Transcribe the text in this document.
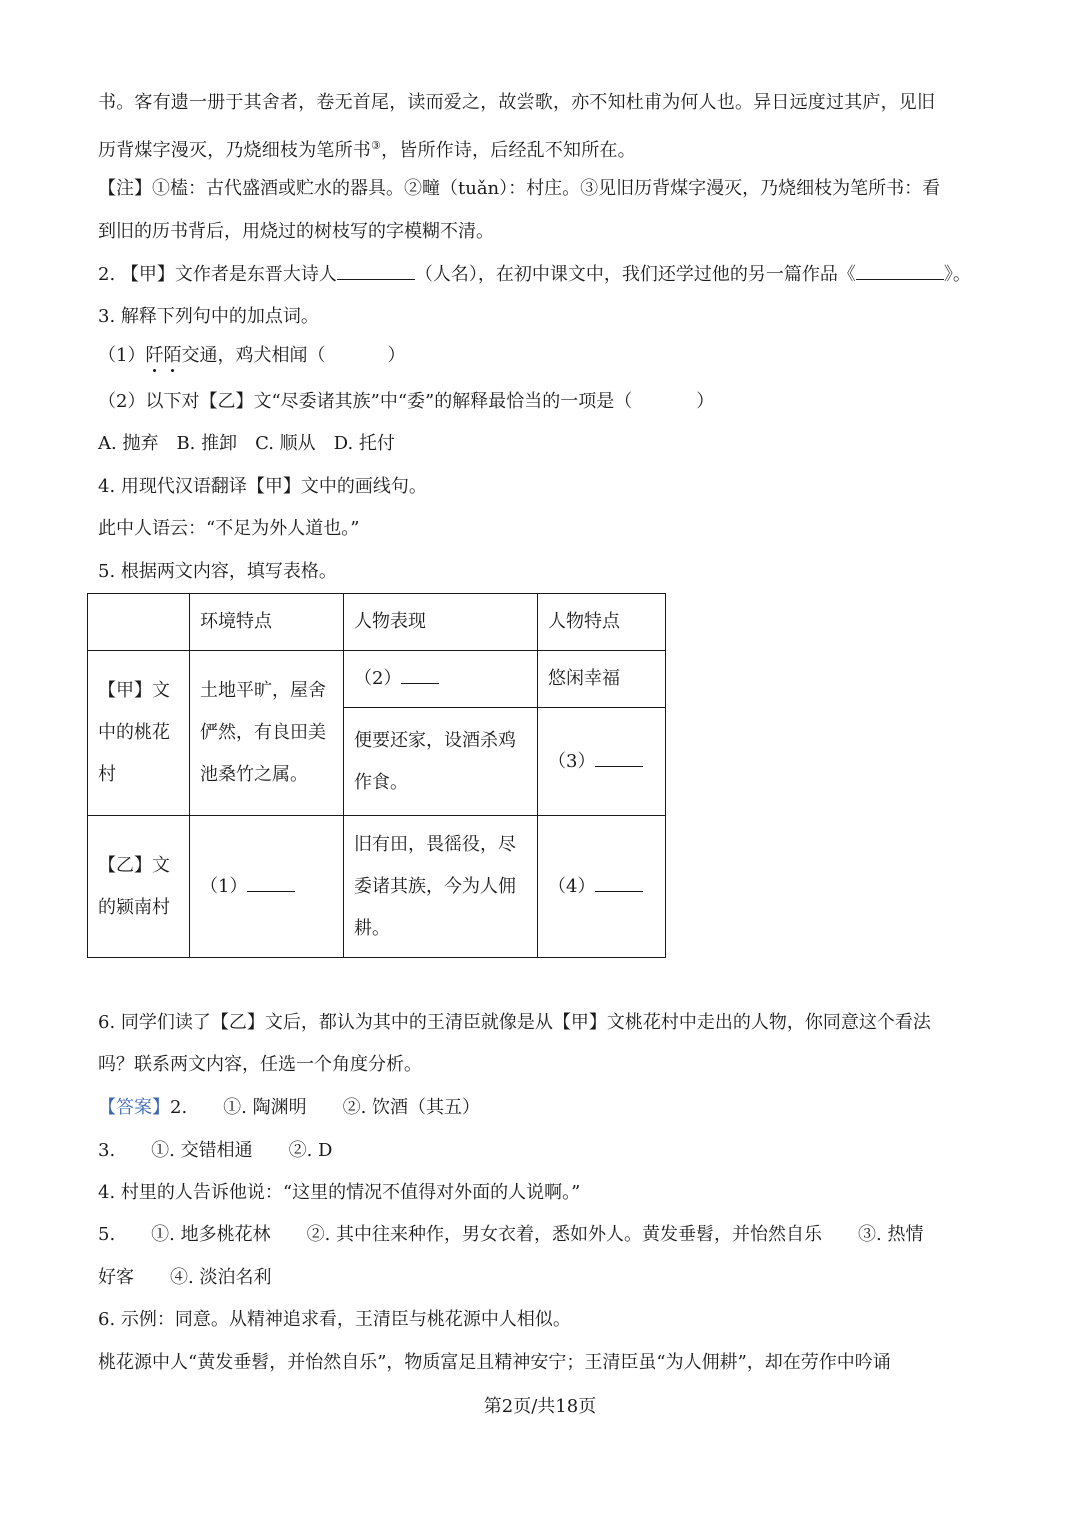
书。客有遗一册于其舍者，卷无首尾，读而爱之，故尝歌，亦不知杜甫为何人也。异日远度过其庐，见旧
历背煤字漫灭，乃烧细枝为笔所书③，皆所作诗，后经乱不知所在。
【注】①榼：古代盛酒或贮水的器具。②疃（tuǎn）：村庄。③见旧历背煤字漫灭，乃烧细枝为笔所书：看
到旧的历书背后，用烧过的树枝写的字模糊不清。
2. 【甲】文作者是东晋大诗人	（人名），在初中课文中，我们还学过他的另一篇作品《	》。
3. 解释下列句中的加点词。
（1）阡陌交通，鸡犬相闻（	）
（2）以下对【乙】文“尽委诸其族”中“委”的解释最恰当的一项是（	）
A. 抛弃　B. 推卸　C. 顺从　D. 托付
4. 用现代汉语翻译【甲】文中的画线句。
此中人语云：“不足为外人道也。”
5. 根据两文内容，填写表格。
	环境特点	人物表现	人物特点
【甲】文中的桃花村	土地平旷，屋舍俨然，有良田美池桑竹之属。	（2）	悠闲幸福
		便要还家，设酒杀鸡作食。	（3）
【乙】文的颍南村	（1）	旧有田，畏徭役，尽委诸其族，今为人佣耕。	（4）
6. 同学们读了【乙】文后，都认为其中的王清臣就像是从【甲】文桃花村中走出的人物，你同意这个看法
吗？联系两文内容，任选一个角度分析。
【答案】2.　　①. 陶渊明　　②. 饮酒（其五）
3.　　①. 交错相通　　②. D
4. 村里的人告诉他说：“这里的情况不值得对外面的人说啊。”
5.　　①. 地多桃花林　　②. 其中往来种作，男女衣着，悉如外人。黄发垂髫，并怡然自乐　　③. 热情
好客　　④. 淡泊名利
6. 示例：同意。从精神追求看，王清臣与桃花源中人相似。
桃花源中人“黄发垂髫，并怡然自乐”，物质富足且精神安宁；王清臣虽“为人佣耕”，却在劳作中吟诵
第2页/共18页
